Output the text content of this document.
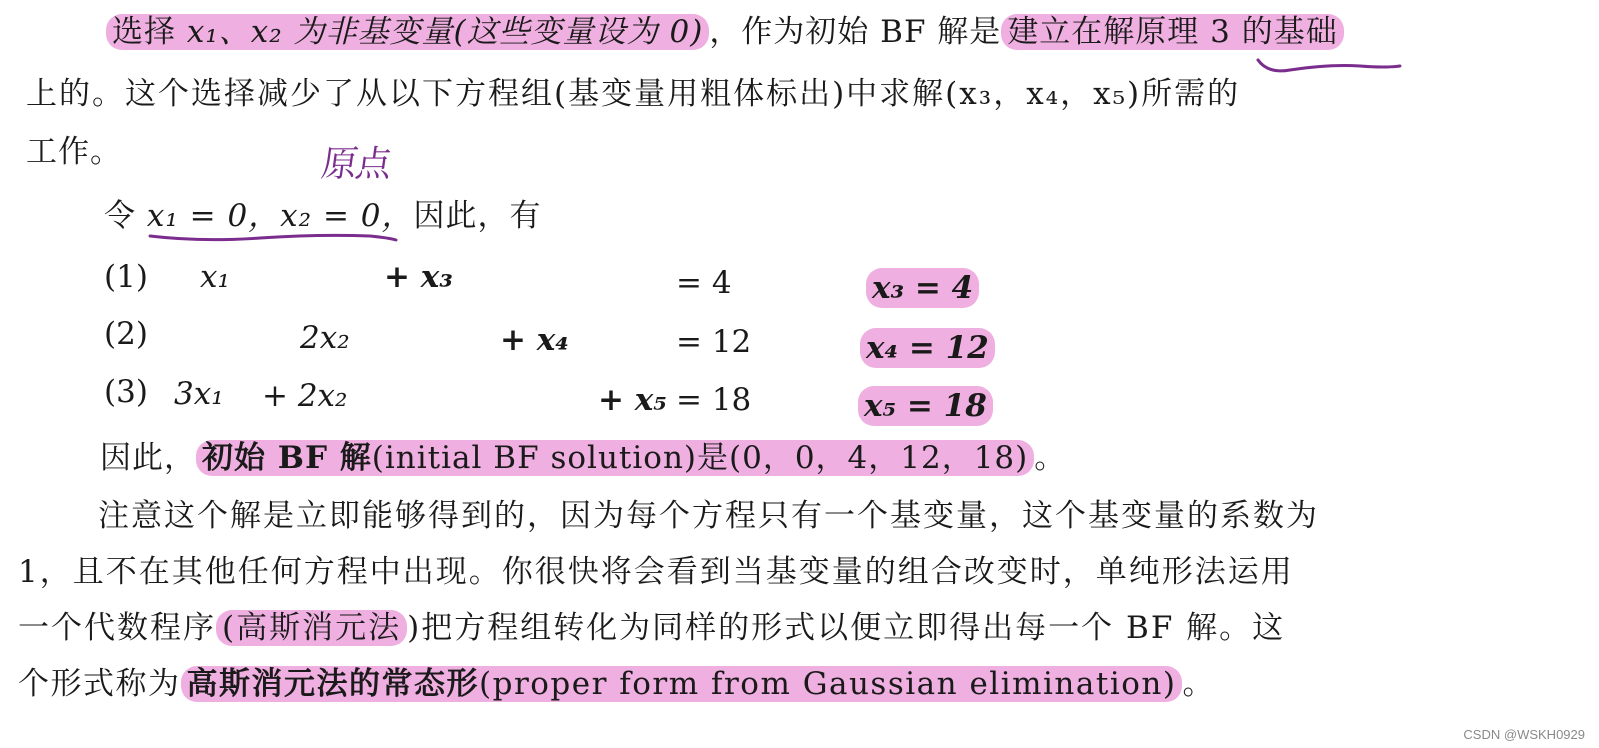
选择 x₁、x₂ 为非基变量(这些变量设为 0) ，作为初始 BF 解是 建立在解原理 3 的基础
上的。这个选择减少了从以下方程组(基变量用粗体标出)中求解(x₃，x₄，x₅)所需的
工作。	原点
令 x₁ = 0，x₂ = 0，因此，有
(1) x₁	+ x₃	= 4	x₃ = 4
(2)	2x₂	+ x₄	= 12	x₄ = 12
(3) 3x₁ + 2x₂	+ x₅ = 18	x₅ = 18
因此， 初始 BF 解(initial BF solution)是(0，0，4，12，18) 。
注意这个解是立即能够得到的，因为每个方程只有一个基变量，这个基变量的系数为
1，且不在其他任何方程中出现。你很快将会看到当基变量的组合改变时，单纯形法运用
一个代数程序 (高斯消元法 )把方程组转化为同样的形式以便立即得出每一个 BF 解。这
个形式称为 高斯消元法的常态形(proper form from Gaussian elimination) 。
CSDN @WSKH0929
